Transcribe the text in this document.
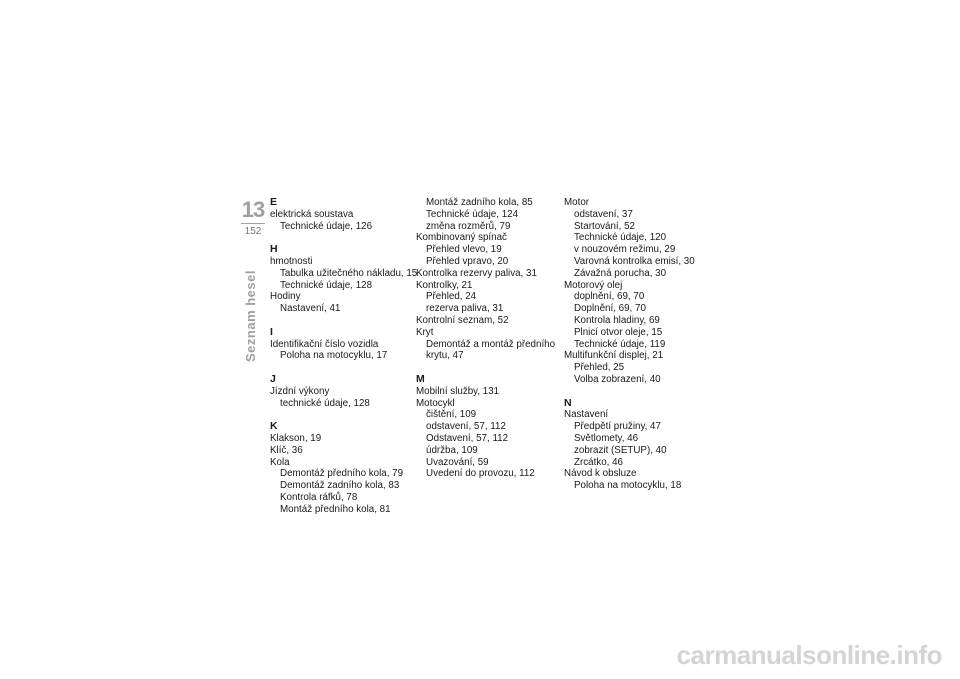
13
152
Seznam hesel
E
elektrická soustava
Technické údaje, 126
H
hmotnosti
Tabulka užitečného nákladu, 15
Technické údaje, 128
Hodiny
Nastavení, 41
I
Identifikační číslo vozidla
Poloha na motocyklu, 17
J
Jízdní výkony
technické údaje, 128
K
Klakson, 19
Klíč, 36
Kola
Demontáž předního kola, 79
Demontáž zadního kola, 83
Kontrola ráfků, 78
Montáž předního kola, 81
Montáž zadního kola, 85
Technické údaje, 124
změna rozměrů, 79
Kombinovaný spínač
Přehled vlevo, 19
Přehled vpravo, 20
Kontrolka rezervy paliva, 31
Kontrolky, 21
Přehled, 24
rezerva paliva, 31
Kontrolní seznam, 52
Kryt
Demontáž a montáž předního
krytu, 47
M
Mobilní služby, 131
Motocykl
čištění, 109
odstavení, 57, 112
Odstavení, 57, 112
údržba, 109
Uvazování, 59
Uvedení do provozu, 112
Motor
odstavení, 37
Startování, 52
Technické údaje, 120
v nouzovém režimu, 29
Varovná kontrolka emisí, 30
Závažná porucha, 30
Motorový olej
doplnění, 69, 70
Doplnění, 69, 70
Kontrola hladiny, 69
Plnicí otvor oleje, 15
Technické údaje, 119
Multifunkční displej, 21
Přehled, 25
Volba zobrazení, 40
N
Nastavení
Předpětí pružiny, 47
Světlomety, 46
zobrazit (SETUP), 40
Zrcátko, 46
Návod k obsluze
Poloha na motocyklu, 18
carmanualsonline.info
